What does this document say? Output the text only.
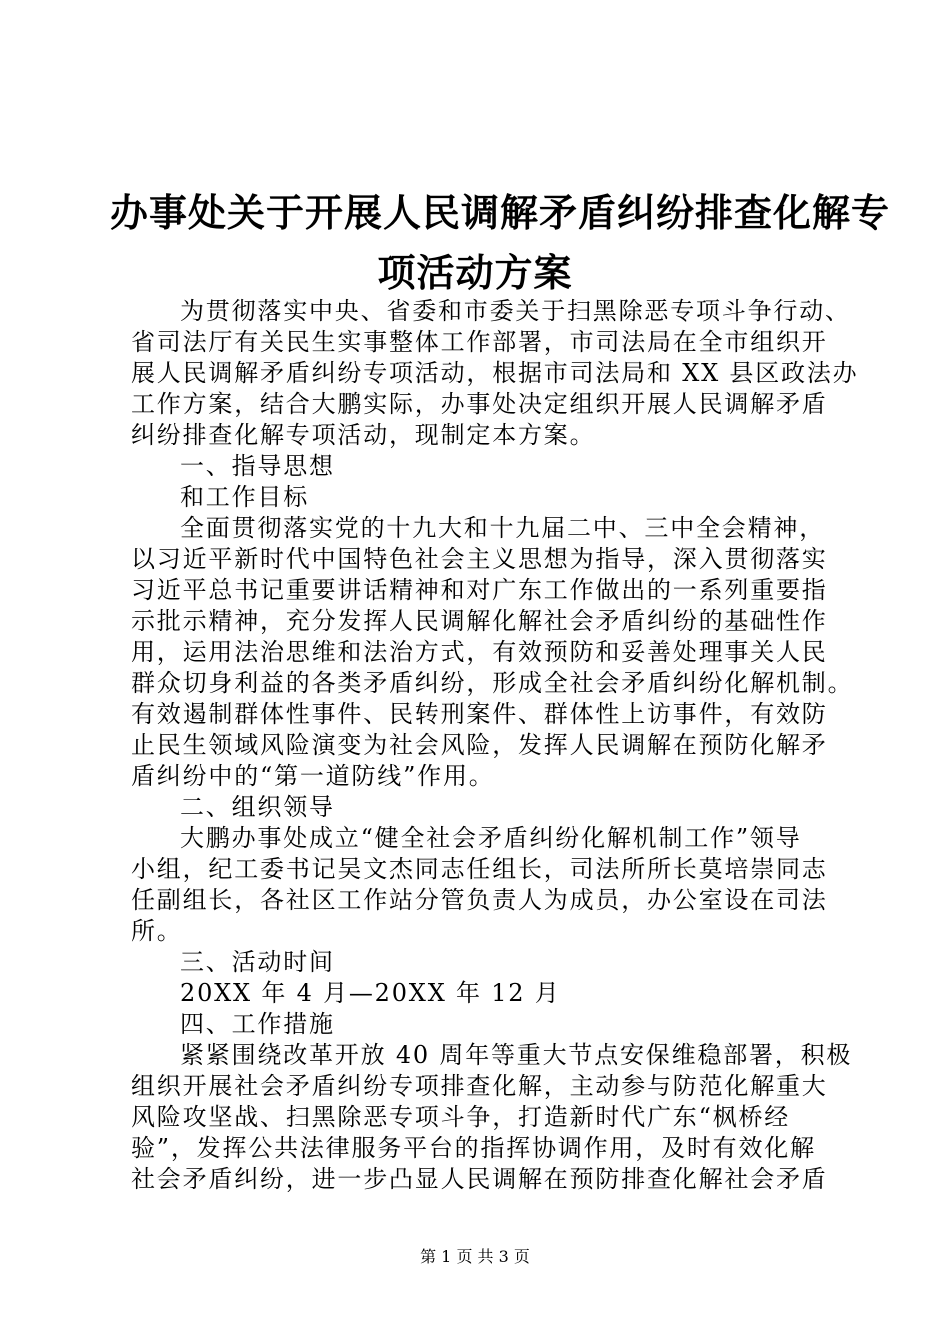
办事处关于开展人民调解矛盾纠纷排查化解专
项活动方案
为贯彻落实中央、省委和市委关于扫黑除恶专项斗争行动、
省司法厅有关民生实事整体工作部署，市司法局在全市组织开
展人民调解矛盾纠纷专项活动，根据市司法局和 XX 县区政法办
工作方案，结合大鹏实际，办事处决定组织开展人民调解矛盾
纠纷排查化解专项活动，现制定本方案。
一、指导思想
和工作目标
全面贯彻落实党的十九大和十九届二中、三中全会精神，
以习近平新时代中国特色社会主义思想为指导，深入贯彻落实
习近平总书记重要讲话精神和对广东工作做出的一系列重要指
示批示精神，充分发挥人民调解化解社会矛盾纠纷的基础性作
用，运用法治思维和法治方式，有效预防和妥善处理事关人民
群众切身利益的各类矛盾纠纷，形成全社会矛盾纠纷化解机制。
有效遏制群体性事件、民转刑案件、群体性上访事件，有效防
止民生领域风险演变为社会风险，发挥人民调解在预防化解矛
盾纠纷中的“第一道防线”作用。
二、组织领导
大鹏办事处成立“健全社会矛盾纠纷化解机制工作”领导
小组，纪工委书记吴文杰同志任组长，司法所所长莫培崇同志
任副组长，各社区工作站分管负责人为成员，办公室设在司法
所。
三、活动时间
20XX 年 4 月—20XX 年 12 月
四、工作措施
紧紧围绕改革开放 40 周年等重大节点安保维稳部署，积极
组织开展社会矛盾纠纷专项排查化解，主动参与防范化解重大
风险攻坚战、扫黑除恶专项斗争，打造新时代广东“枫桥经
验”，发挥公共法律服务平台的指挥协调作用，及时有效化解
社会矛盾纠纷，进一步凸显人民调解在预防排查化解社会矛盾
第 1 页 共 3 页
